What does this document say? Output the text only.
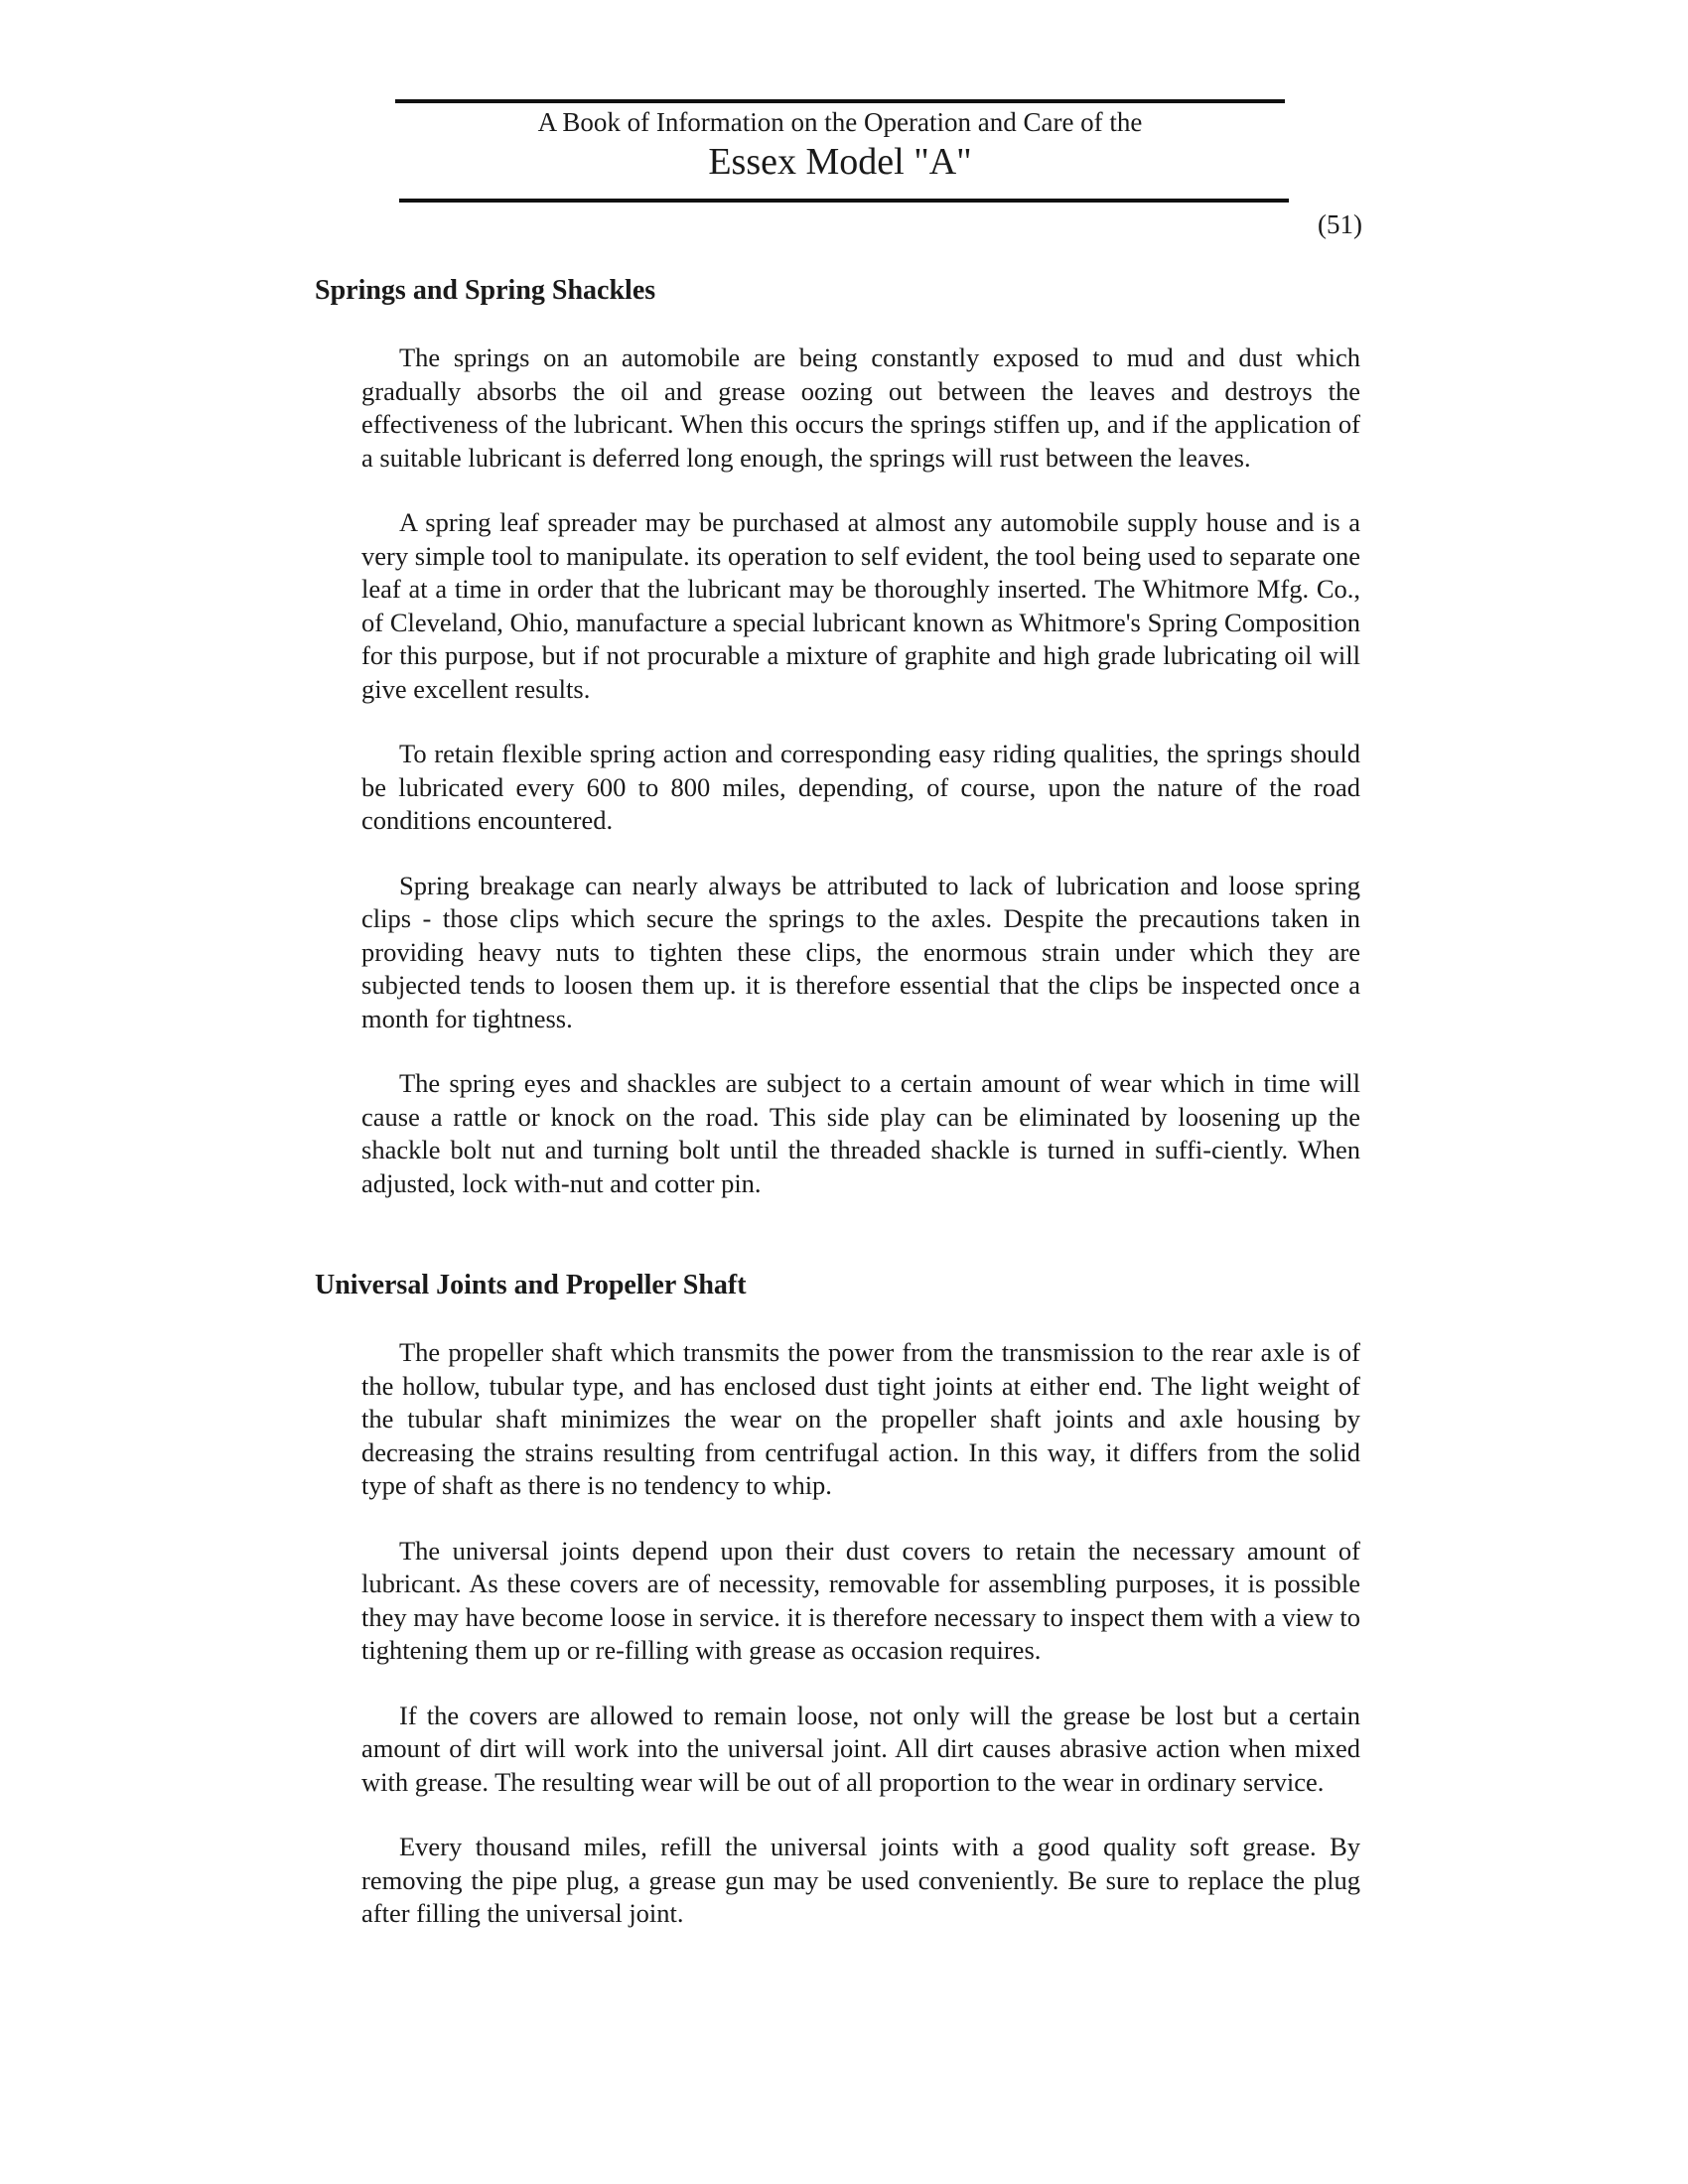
A Book of Information on the Operation and Care of the
Essex Model "A"
(51)
Springs and Spring Shackles

The springs on an automobile are being constantly exposed to mud and dust which gradually absorbs the oil and grease oozing out between the leaves and destroys the effectiveness of the lubricant. When this occurs the springs stiffen up, and if the application of a suitable lubricant is deferred long enough, the springs will rust between the leaves.

A spring leaf spreader may be purchased at almost any automobile supply house and is a very simple tool to manipulate. its operation to self evident, the tool being used to separate one leaf at a time in order that the lubricant may be thoroughly inserted. The Whitmore Mfg. Co., of Cleveland, Ohio, manufacture a special lubricant known as Whitmore's Spring Composition for this purpose, but if not procurable a mixture of graphite and high grade lubricating oil will give excellent results.

To retain flexible spring action and corresponding easy riding qualities, the springs should be lubricated every 600 to 800 miles, depending, of course, upon the nature of the road conditions encountered.

Spring breakage can nearly always be attributed to lack of lubrication and loose spring clips - those clips which secure the springs to the axles. Despite the precautions taken in providing heavy nuts to tighten these clips, the enormous strain under which they are subjected tends to loosen them up. it is therefore essential that the clips be inspected once a month for tightness.

The spring eyes and shackles are subject to a certain amount of wear which in time will cause a rattle or knock on the road. This side play can be eliminated by loosening up the shackle bolt nut and turning bolt until the threaded shackle is turned in suffi-ciently. When adjusted, lock with-nut and cotter pin.

Universal Joints and Propeller Shaft

The propeller shaft which transmits the power from the transmission to the rear axle is of the hollow, tubular type, and has enclosed dust tight joints at either end. The light weight of the tubular shaft minimizes the wear on the propeller shaft joints and axle housing by decreasing the strains resulting from centrifugal action. In this way, it differs from the solid type of shaft as there is no tendency to whip.

The universal joints depend upon their dust covers to retain the necessary amount of lubricant. As these covers are of necessity, removable for assembling purposes, it is possible they may have become loose in service. it is therefore necessary to inspect them with a view to tightening them up or re-filling with grease as occasion requires.

If the covers are allowed to remain loose, not only will the grease be lost but a certain amount of dirt will work into the universal joint. All dirt causes abrasive action when mixed with grease. The resulting wear will be out of all proportion to the wear in ordinary service.

Every thousand miles, refill the universal joints with a good quality soft grease. By removing the pipe plug, a grease gun may be used conveniently. Be sure to replace the plug after filling the universal joint.
